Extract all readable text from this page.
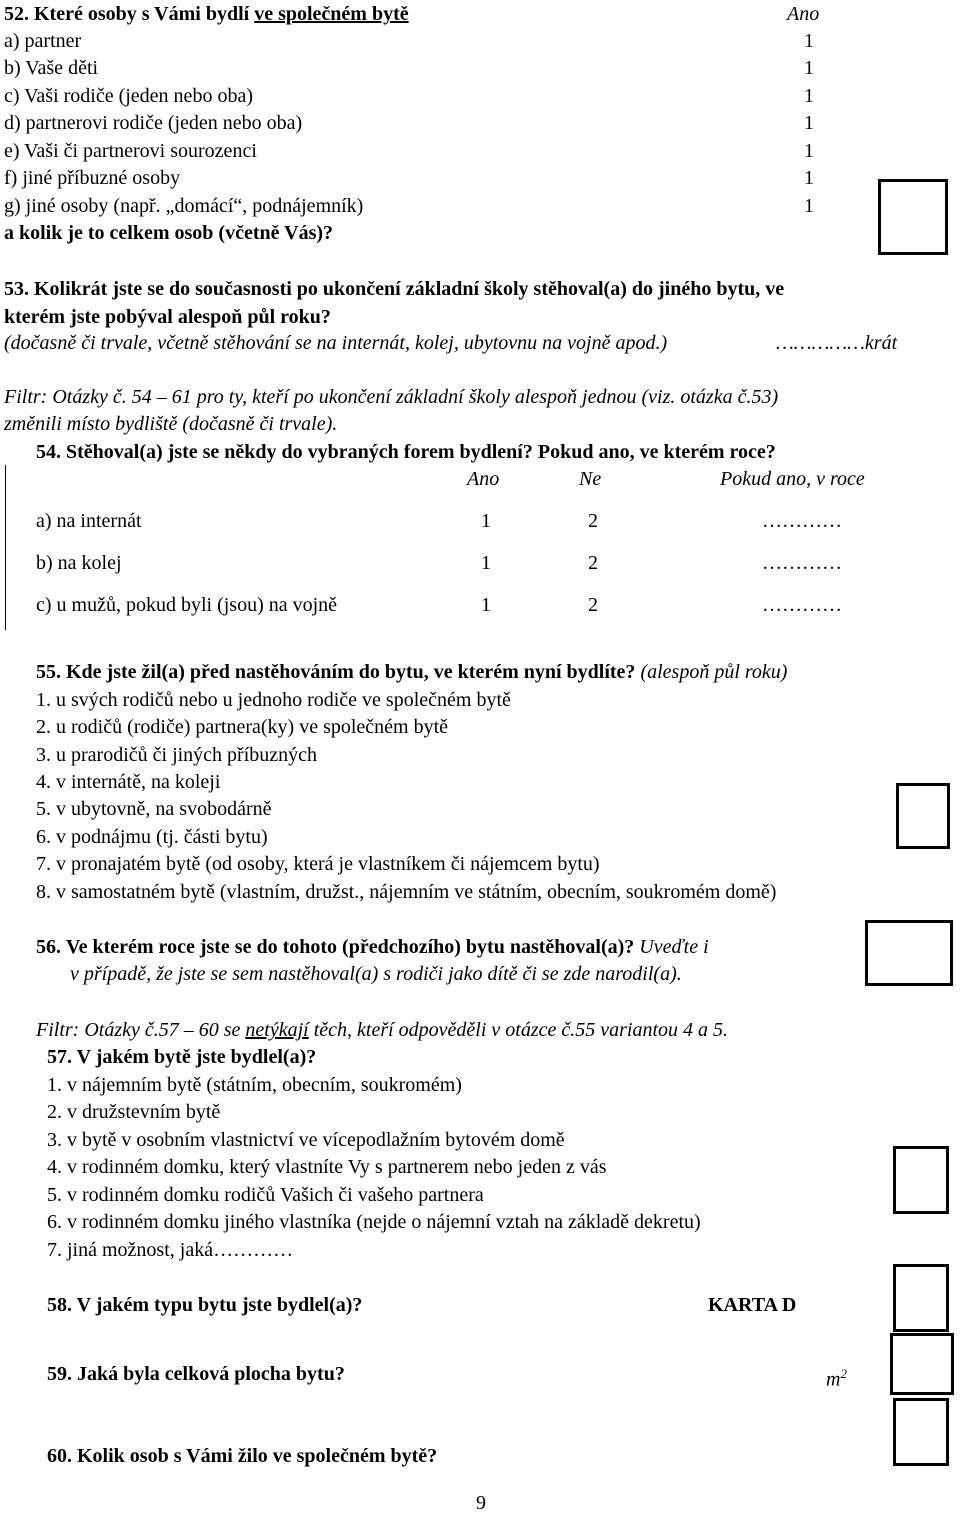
52. Které osoby s Vámi bydlí ve společném bytě	Ano
a) partner	1
b) Vaše děti	1
c) Vaši rodiče (jeden nebo oba)	1
d) partnerovi rodiče (jeden nebo oba)	1
e) Vaši či partnerovi sourozenci	1
f) jiné příbuzné osoby	1
g) jiné osoby (např. „domácí“, podnájemník)	1
a kolik je to celkem osob (včetně Vás)?
53. Kolikrát jste se do současnosti po ukončení základní školy stěhoval(a) do jiného bytu, ve
kterém jste pobýval alespoň půl roku?
(dočasně či trvale, včetně stěhování se na internát, kolej, ubytovnu na vojně apod.)	……………krát
Filtr: Otázky č. 54 – 61 pro ty, kteří po ukončení základní školy alespoň jednou (viz. otázka č.53)
změnili místo bydliště (dočasně či trvale).
54. Stěhoval(a) jste se někdy do vybraných forem bydlení? Pokud ano, ve kterém roce?
Ano	Ne	Pokud ano, v roce
a) na internát	1	2	…………
b) na kolej	1	2	…………
c) u mužů, pokud byli (jsou) na vojně	1	2	…………
55. Kde jste žil(a) před nastěhováním do bytu, ve kterém nyní bydlíte? (alespoň půl roku)
1. u svých rodičů nebo u jednoho rodiče ve společném bytě
2. u rodičů (rodiče) partnera(ky) ve společném bytě
3. u prarodičů či jiných příbuzných
4. v internátě, na koleji
5. v ubytovně, na svobodárně
6. v podnájmu (tj. části bytu)
7. v pronajatém bytě (od osoby, která je vlastníkem či nájemcem bytu)
8. v samostatném bytě (vlastním, družst., nájemním ve státním, obecním, soukromém domě)
56. Ve kterém roce jste se do tohoto (předchozího) bytu nastěhoval(a)? Uveďte i
v případě, že jste se sem nastěhoval(a) s rodiči jako dítě či se zde narodil(a).
Filtr: Otázky č.57 – 60 se netýkají těch, kteří odpověděli v otázce č.55 variantou 4 a 5.
57. V jakém bytě jste bydlel(a)?
1. v nájemním bytě (státním, obecním, soukromém)
2. v družstevním bytě
3. v bytě v osobním vlastnictví ve vícepodlažním bytovém domě
4. v rodinném domku, který vlastníte Vy s partnerem nebo jeden z vás
5. v rodinném domku rodičů Vašich či vašeho partnera
6. v rodinném domku jiného vlastníka (nejde o nájemní vztah na základě dekretu)
7. jiná možnost, jaká…………
58. V jakém typu bytu jste bydlel(a)?	KARTA D
59. Jaká byla celková plocha bytu?	$m^2$
60. Kolik osob s Vámi žilo ve společném bytě?
9
